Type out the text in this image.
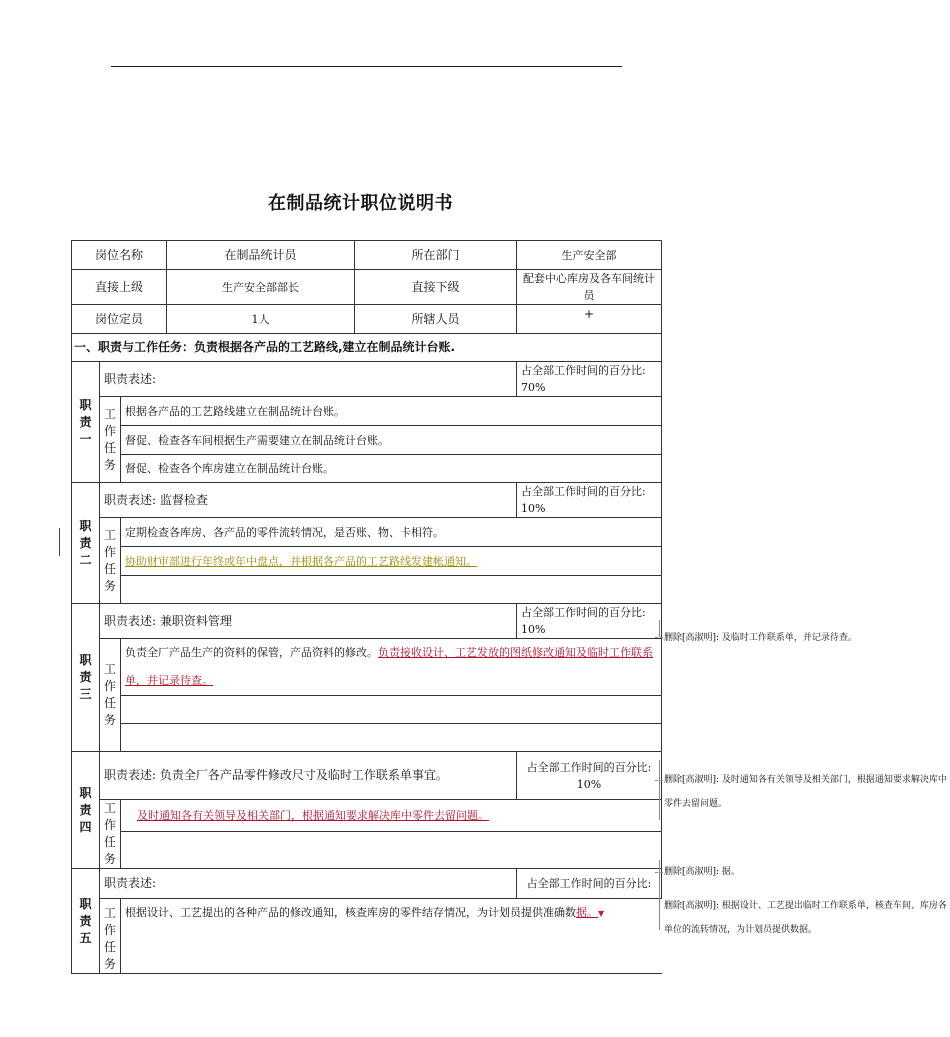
在制品统计职位说明书
岗位名称			在制品统计员	所在部门	生产安全部
直接上级			生产安全部部长	直接下级	配套中心库房及各车间统计员
岗位定员			1人	所辖人员	+

一、职责与工作任务：负责根据各产品的工艺路线,建立在制品统计台账.					
职责一	职责表述:				占全部工作时间的百分比: 70%
	工作任务	根据各产品的工艺路线建立在制品统计台账。			
		督促、检查各车间根据生产需要建立在制品统计台账。			
		督促、检查各个库房建立在制品统计台账。			
职责二	职责表述: 监督检查				占全部工作时间的百分比: 10%
	工作任务	定期检查各库房、各产品的零件流转情况，是否账、物、卡相符。			
		协助财审部进行年终或年中盘点，并根据各产品的工艺路线发建帐通知。			

职责三	职责表述: 兼职资料管理				占全部工作时间的百分比: 10%
	工作任务	负责全厂产品生产的资料的保管，产品资料的修改。负责接收设计、工艺发放的图纸修改通知及临时工作联系单，并记录待查。			

职责四	职责表述: 负责全厂各产品零件修改尺寸及临时工作联系单事宜。				占全部工作时间的百分比: 10%
	工作任务	及时通知各有关领导及相关部门，根据通知要求解决库中零件去留问题。			

职责五	职责表述:				占全部工作时间的百分比:
	工作任务	根据设计、工艺提出的各种产品的修改通知，核查库房的零件结存情况，为计划员提供准确数据。▼			
删除[高淑明]: 及临时工作联系单，并记录待查。
删除[高淑明]: 及时通知各有关领导及相关部门，根据通知要求解决库中零件去留问题。
删除[高淑明]: 据。
删除[高淑明]: 根据设计、工艺提出临时工作联系单，核查车间、库房各单位的流转情况，为计划员提供数据。
